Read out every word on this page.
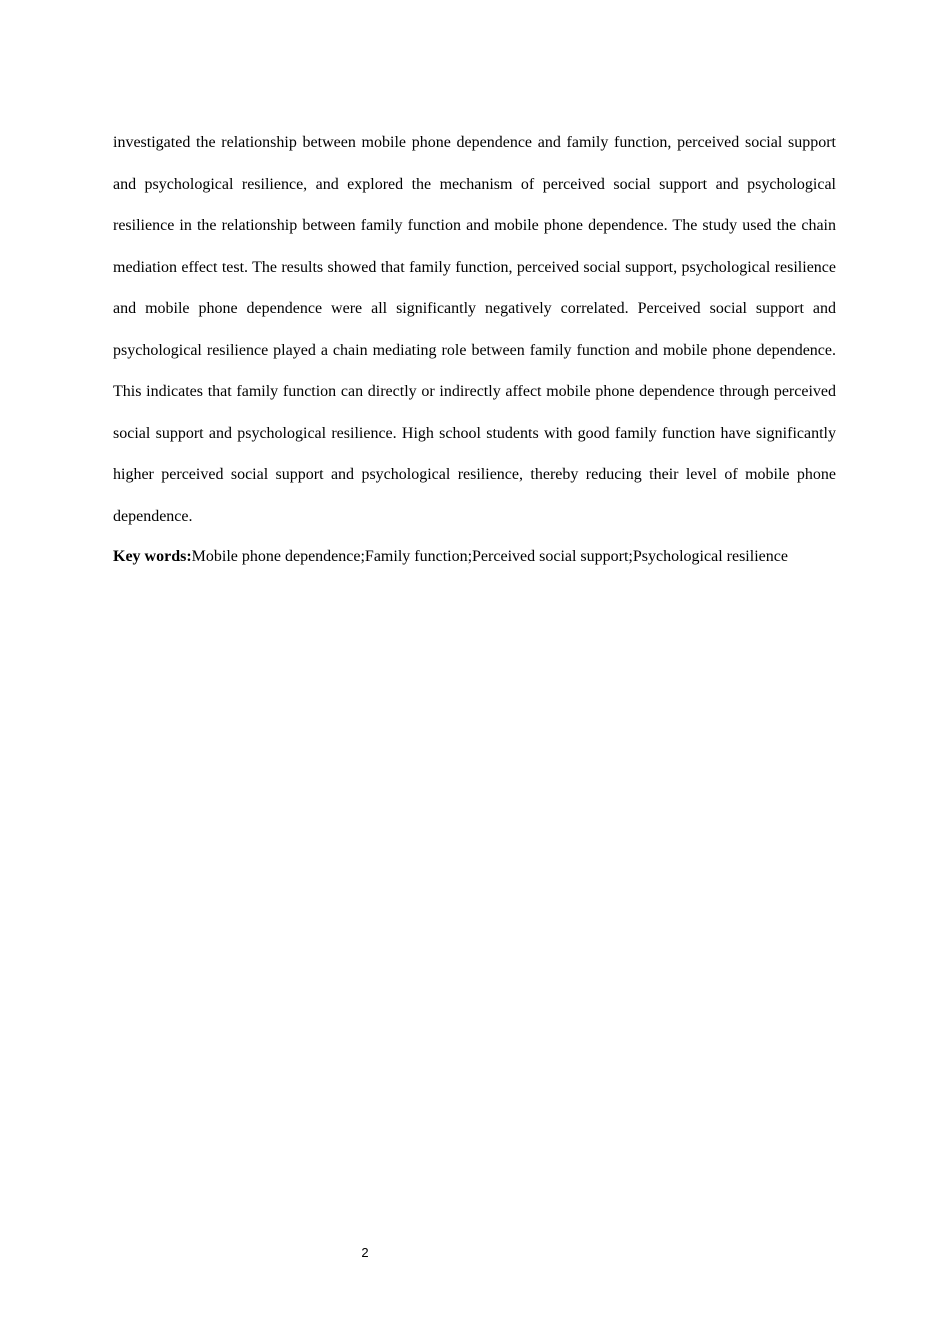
investigated the relationship between mobile phone dependence and family function, perceived social support and psychological resilience, and explored the mechanism of perceived social support and psychological resilience in the relationship between family function and mobile phone dependence. The study used the chain mediation effect test. The results showed that family function, perceived social support, psychological resilience and mobile phone dependence were all significantly negatively correlated. Perceived social support and psychological resilience played a chain mediating role between family function and mobile phone dependence. This indicates that family function can directly or indirectly affect mobile phone dependence through perceived social support and psychological resilience. High school students with good family function have significantly higher perceived social support and psychological resilience, thereby reducing their level of mobile phone dependence.

Key words:Mobile phone dependence;Family function;Perceived social support;Psychological resilience

2
